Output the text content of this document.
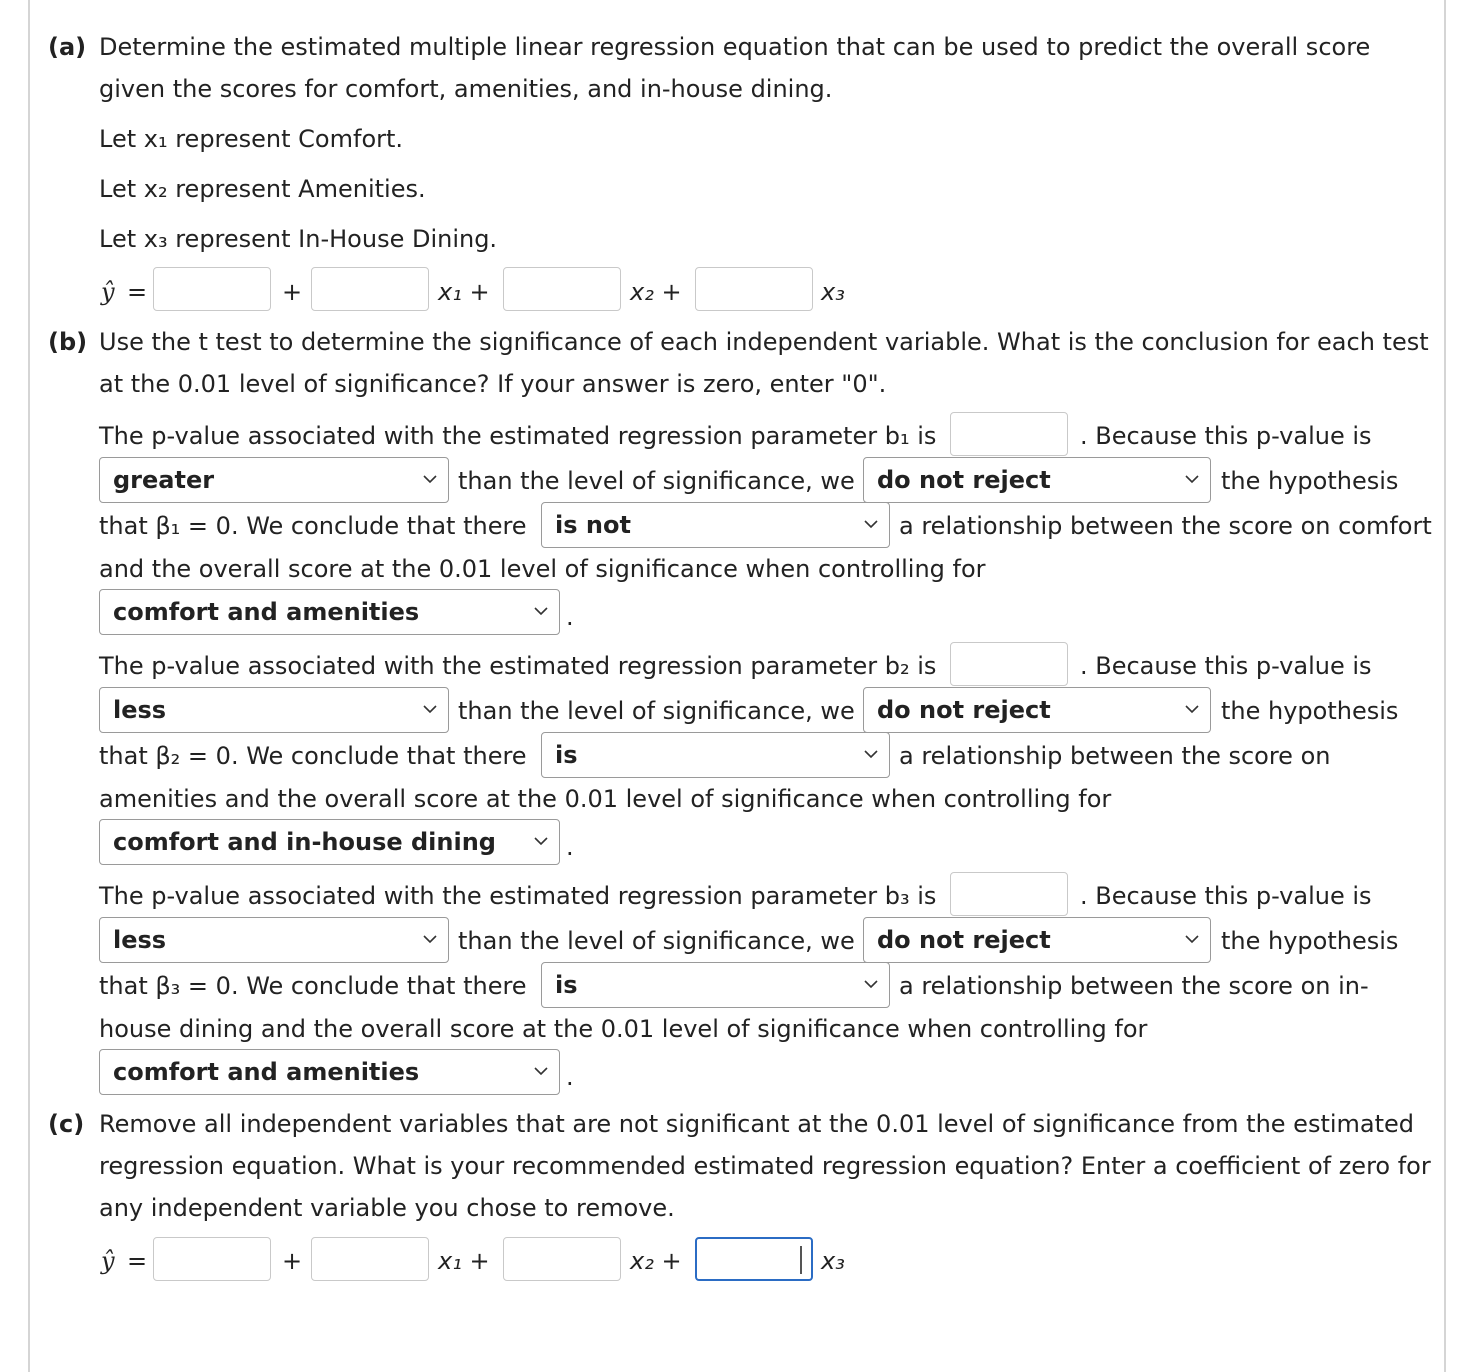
(a) Determine the estimated multiple linear regression equation that can be used to predict the overall score
given the scores for comfort, amenities, and in-house dining.
Let x₁ represent Comfort.
Let x₂ represent Amenities.
Let x₃ represent In-House Dining.
ŷ =	+	x₁ +	x₂ +	x₃
(b) Use the t test to determine the significance of each independent variable. What is the conclusion for each test
at the 0.01 level of significance? If your answer is zero, enter "0".
The p-value associated with the estimated regression parameter b₁ is	. Because this p-value is
greater	than the level of significance, we do not reject	the hypothesis
that β₁ = 0. We conclude that there is not	a relationship between the score on comfort
and the overall score at the 0.01 level of significance when controlling for
comfort and amenities	.
The p-value associated with the estimated regression parameter b₂ is	. Because this p-value is
less	than the level of significance, we do not reject	the hypothesis
that β₂ = 0. We conclude that there is	a relationship between the score on
amenities and the overall score at the 0.01 level of significance when controlling for
comfort and in-house dining	.
The p-value associated with the estimated regression parameter b₃ is	. Because this p-value is
less	than the level of significance, we do not reject	the hypothesis
that β₃ = 0. We conclude that there is	a relationship between the score on in-
house dining and the overall score at the 0.01 level of significance when controlling for
comfort and amenities	.
(c) Remove all independent variables that are not significant at the 0.01 level of significance from the estimated
regression equation. What is your recommended estimated regression equation? Enter a coefficient of zero for
any independent variable you chose to remove.
ŷ =	+	x₁ +	x₂ +	x₃
